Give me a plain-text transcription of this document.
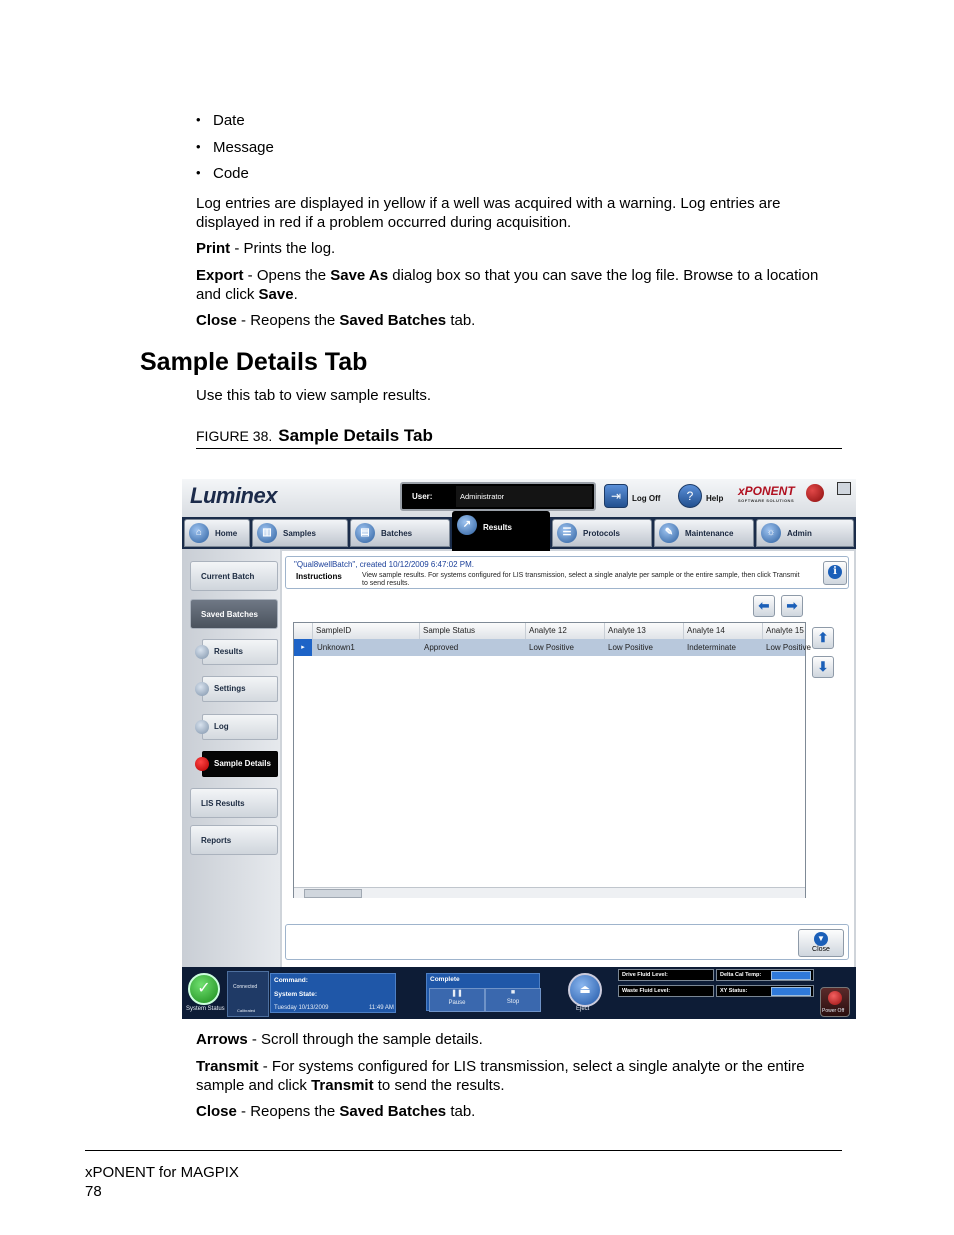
• Date
• Message
• Code
Log entries are displayed in yellow if a well was acquired with a warning. Log entries are displayed in red if a problem occurred during acquisition.
Print - Prints the log.
Export - Opens the Save As dialog box so that you can save the log file. Browse to a location and click Save.
Close - Reopens the Saved Batches tab.
Sample Details Tab
Use this tab to view sample results.
FIGURE 38. Sample Details Tab
Luminex	User:	Administrator	⇥	Log Off	?	Help
xPONENT
SOFTWARE SOLUTIONS
⌂	Home	▥	Samples	▤	Batches
↗	Results	☰	Protocols	✎	Maintenance	☼	Admin
Current Batch
Saved Batches
Results
Settings
Log
Sample Details
LIS Results
Reports
"Qual8wellBatch", created 10/12/2009 6:47:02 PM.
Instructions	View sample results. For systems configured for LIS transmission, select a single analyte per sample or the entire sample, then click Transmit to send results.
i
⬅	➡
⬆
⬇
SampleID	Sample Status	Analyte 12	Analyte 13	Analyte 14	Analyte 15
Unknown1	Approved	Low Positive	Low Positive	Indeterminate	Low Positive
▸
▼
Close
✓
System Status
Connected
Calibrated
Command:
System State:
Tuesday 10/13/2009	11:49 AM
Complete
❚❚
Pause
■
Stop
⏏
Eject
Drive Fluid Level:
Waste Fluid Level:
Delta Cal Temp:
XY Status:
Power Off
Arrows - Scroll through the sample details.
Transmit - For systems configured for LIS transmission, select a single analyte or the entire sample and click Transmit to send the results.
Close - Reopens the Saved Batches tab.
xPONENT for MAGPIX
78
